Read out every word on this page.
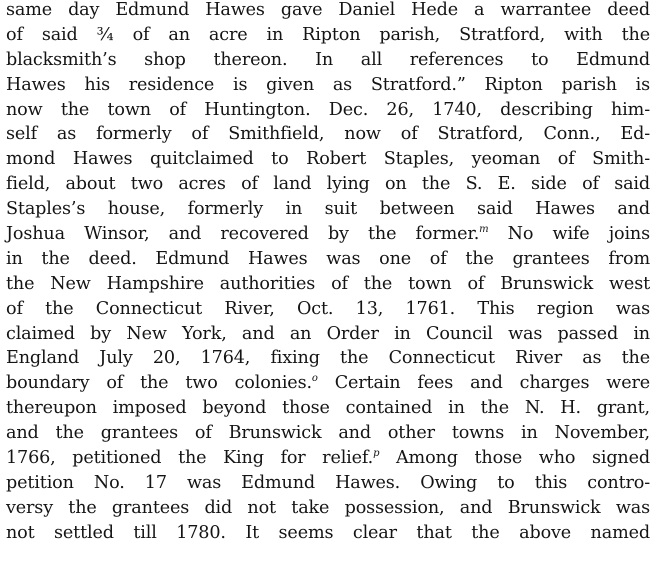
same day Edmund Hawes gave Daniel Hede a warrantee deed
of said ¾ of an acre in Ripton parish, Stratford, with the
blacksmith’s shop thereon. In all references to Edmund
Hawes his residence is given as Stratford.” Ripton parish is
now the town of Huntington. Dec. 26, 1740, describing him-
self as formerly of Smithfield, now of Stratford, Conn., Ed-
mond Hawes quitclaimed to Robert Staples, yeoman of Smith-
field, about two acres of land lying on the S. E. side of said
Staples’s house, formerly in suit between said Hawes and
Joshua Winsor, and recovered by the former.$^m$ No wife joins
in the deed. Edmund Hawes was one of the grantees from
the New Hampshire authorities of the town of Brunswick west
of the Connecticut River, Oct. 13, 1761. This region was
claimed by New York, and an Order in Council was passed in
England July 20, 1764, fixing the Connecticut River as the
boundary of the two colonies.$^o$ Certain fees and charges were
thereupon imposed beyond those contained in the N. H. grant,
and the grantees of Brunswick and other towns in November,
1766, petitioned the King for relief.$^p$ Among those who signed
petition No. 17 was Edmund Hawes. Owing to this contro-
versy the grantees did not take possession, and Brunswick was
not settled till 1780. It seems clear that the above named
